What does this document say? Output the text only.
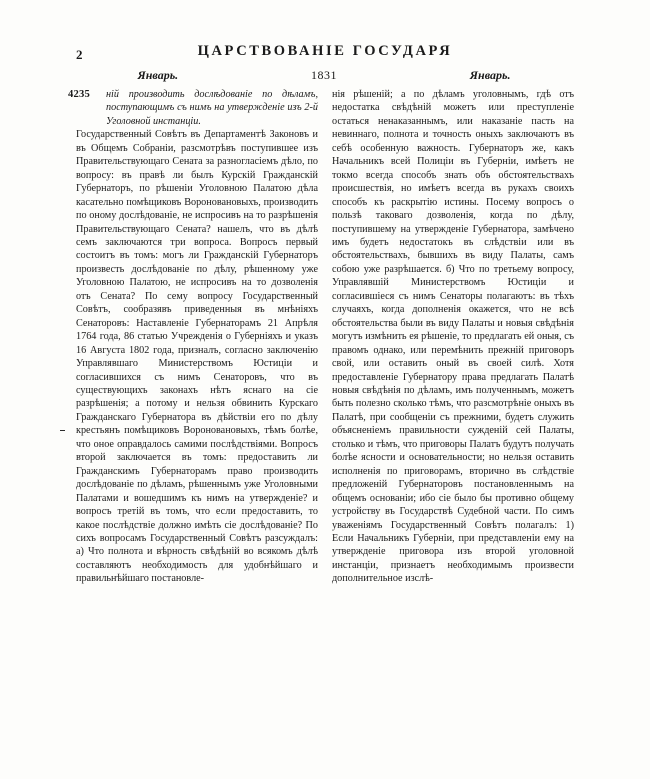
2	ЦАРСТВОВАНІЕ ГОСУДАРЯ
Январь.	1831	Январь.
4235	ній производить дослѣдованіе по дѣламъ, поступающимъ съ нимъ на утвержденіе изъ 2-й Уголовной инстанціи.

Государственный Совѣтъ въ Департаментѣ Законовъ и въ Общемъ Собраніи, разсмотрѣвъ поступившее изъ Правительствующаго Сената за разногласіемъ дѣло, по вопросу: въ правѣ ли былъ Курскій Гражданскій Губернаторъ, по рѣшеніи Уголовною Палатою дѣла касательно помѣщиковъ Вороновановыхъ, производить по оному дослѣдованіе, не испросивъ на то разрѣшенія Правительствующаго Сената? нашелъ, что въ дѣлѣ семъ заключаются три вопроса. Вопросъ первый состоитъ въ томъ: могъ ли Гражданскій Губернаторъ произвесть дослѣдованіе по дѣлу, рѣшенному уже Уголовною Палатою, не испросивъ на то дозволенія отъ Сената? По сему вопросу Государственный Совѣтъ, сообразявъ приведенныя въ мнѣніяхъ Сенаторовъ: Наставленіе Губернаторамъ 21 Апрѣля 1764 года, 86 статью Учрежденія о Губерніяхъ и указъ 16 Августа 1802 года, призналъ, согласно заключенію Управлявшаго Министерствомъ Юстиціи и согласившихся съ нимъ Сенаторовъ, что въ существующихъ законахъ нѣтъ яснаго на сіе разрѣшенія; а потому и нельзя обвинить Курскаго Гражданскаго Губернатора въ дѣйствіи его по дѣлу крестьянъ помѣщиковъ Вороновановыхъ, тѣмъ болѣе, что оное оправдалось самими послѣдствіями. Вопросъ второй заключается въ томъ: предоставить ли Гражданскимъ Губернаторамъ право производить дослѣдованіе по дѣламъ, рѣшеннымъ уже Уголовными Палатами и вошедшимъ къ нимъ на утвержденіе? и вопросъ третій въ томъ, что если предоставить, то какое послѣдствіе должно имѣть сіе дослѣдованіе? По сихъ вопросамъ Государственный Совѣтъ разсуждалъ: а) Что полнота и вѣрность свѣдѣній во всякомъ дѣлѣ составляютъ необходимость для удобнѣйшаго и правильнѣйшаго постановле-

нія рѣшеній; а по дѣламъ уголовнымъ, гдѣ отъ недостатка свѣдѣній можетъ или преступленіе остаться ненаказаннымъ, или наказаніе пасть на невиннаго, полнота и точность оныхъ заключаютъ въ себѣ особенную важность. Губернаторъ же, какъ Начальникъ всей Полиціи въ Губерніи, имѣетъ не токмо всегда способъ знать объ обстоятельствахъ происшествія, но имѣетъ всегда въ рукахъ своихъ способъ къ раскрытію истины. Посему вопросъ о пользѣ таковаго дозволенія, когда по дѣлу, поступившему на утвержденіе Губернатора, замѣчено имъ будетъ недостатокъ въ слѣдствіи или въ обстоятельствахъ, бывшихъ въ виду Палаты, самъ собою уже разрѣшается. б) Что по третьему вопросу, Управлявшій Министерствомъ Юстиціи и согласившіеся съ нимъ Сенаторы полагаютъ: въ тѣхъ случаяхъ, когда дополненія окажется, что не всѣ обстоятельства были въ виду Палаты и новыя свѣдѣнія могутъ измѣнить ея рѣшеніе, то предлагать ей оныя, съ правомъ однако, или перемѣнить прежній приговоръ свой, или оставить оный въ своей силѣ. Хотя предоставленіе Губернатору права предлагать Палатѣ новыя свѣдѣнія по дѣламъ, имъ полученнымъ, можетъ быть полезно сколько тѣмъ, что разсмотрѣніе оныхъ въ Палатѣ, при сообщеніи съ прежними, будетъ служить объясненіемъ правильности сужденій сей Палаты, столько и тѣмъ, что приговоры Палатъ будутъ получать болѣе ясности и основательности; но нельзя оставить исполненія по приговорамъ, вторично въ слѣдствіе предложеній Губернаторовъ постановленнымъ на общемъ основаніи; ибо сіе было бы противно общему устройству въ Государствѣ Судебной части. По симъ уваженіямъ Государственный Совѣтъ полагалъ: 1) Если Начальникъ Губерніи, при представленіи ему на утвержденіе приговора изъ второй уголовной инстанціи, признаетъ необходимымъ произвести дополнительное изслѣ-
